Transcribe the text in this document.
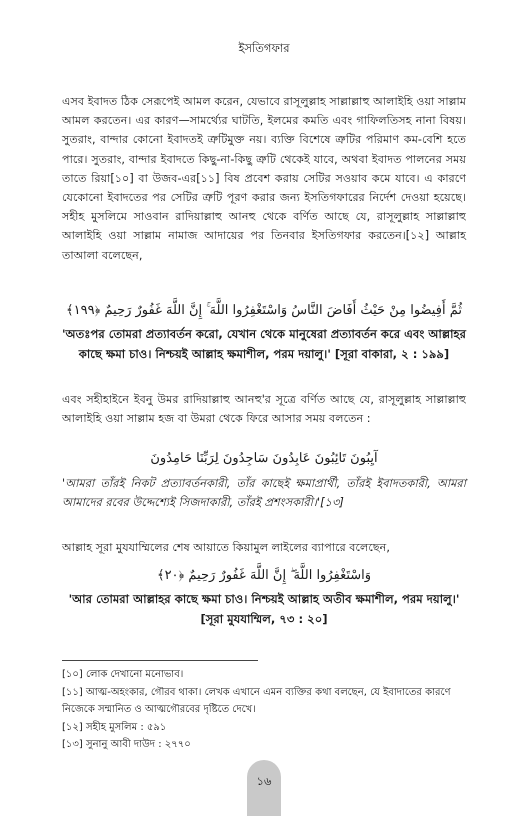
ইসতিগফার
এসব ইবাদত ঠিক সেরূপেই আমল করেন, যেভাবে রাসূলুল্লাহ সাল্লাল্লাহু আলাইহি ওয়া সাল্লাম আমল করতেন। এর কারণ—সামর্থ্যের ঘাটতি, ইলমের কমতি এবং গাফিলতিসহ নানা বিষয়। সুতরাং, বান্দার কোনো ইবাদতই ত্রুটিমুক্ত নয়। ব্যক্তি বিশেষে ত্রুটির পরিমাণ কম-বেশি হতে পারে। সুতরাং, বান্দার ইবাদতে কিছু-না-কিছু ত্রুটি থেকেই যাবে, অথবা ইবাদত পালনের সময় তাতে রিয়া[১০] বা উজব-এর[১১] বিষ প্রবেশ করায় সেটির সওয়াব কমে যাবে। এ কারণে যেকোনো ইবাদতের পর সেটির ত্রুটি পূরণ করার জন্য ইসতিগফারের নির্দেশ দেওয়া হয়েছে। সহীহ মুসলিমে সাওবান রাদিয়াল্লাহু আনহু থেকে বর্ণিত আছে যে, রাসূলুল্লাহ সাল্লাল্লাহু আলাইহি ওয়া সাল্লাম নামাজ আদায়ের পর তিনবার ইসতিগফার করতেন।[১২] আল্লাহ তাআলা বলেছেন,
ثُمَّ أَفِيضُوا مِنْ حَيْثُ أَفَاضَ النَّاسُ وَاسْتَغْفِرُوا اللَّهَ ۚ إِنَّ اللَّهَ غَفُورٌ رَحِيمٌ ﴿١٩٩﴾
'অতঃপর তোমরা প্রত্যাবর্তন করো, যেখান থেকে মানুষেরা প্রত্যাবর্তন করে এবং আল্লাহর কাছে ক্ষমা চাও। নিশ্চয়ই আল্লাহ ক্ষমাশীল, পরম দয়ালু।' [সূরা বাকারা, ২ : ১৯৯]
এবং সহীহাইনে ইবনু উমর রাদিয়াল্লাহু আনহু'র সূত্রে বর্ণিত আছে যে, রাসূলুল্লাহ সাল্লাল্লাহু আলাইহি ওয়া সাল্লাম হজ বা উমরা থেকে ফিরে আসার সময় বলতেন :
آيِبُونَ تَائِبُونَ عَابِدُونَ سَاجِدُونَ لِرَبِّنَا حَامِدُونَ
'আমরা তাঁরই নিকট প্রত্যাবর্তনকারী, তাঁর কাছেই ক্ষমাপ্রার্থী, তাঁরই ইবাদতকারী, আমরা আমাদের রবের উদ্দেশ্যেই সিজদাকারী, তাঁরই প্রশংসকারী।'[১৩]
আল্লাহ সূরা মুযযাম্মিলের শেষ আয়াতে কিয়ামুল লাইলের ব্যাপারে বলেছেন,
وَاسْتَغْفِرُوا اللَّهَ ۖ إِنَّ اللَّهَ غَفُورٌ رَحِيمٌ ﴿٢٠﴾
'আর তোমরা আল্লাহর কাছে ক্ষমা চাও। নিশ্চয়ই আল্লাহ অতীব ক্ষমাশীল, পরম দয়ালু।' [সূরা মুযযাম্মিল, ৭৩ : ২০]
[১০] লোক দেখানো মনোভাব।
[১১] আত্ম-অহংকার, গৌরব থাকা। লেখক এখানে এমন ব্যক্তির কথা বলছেন, যে ইবাদাতের কারণে নিজেকে সম্মানিত ও আত্মগৌরবের দৃষ্টিতে দেখে।
[১২] সহীহ মুসলিম : ৫৯১
[১৩] সুনানু আবী দাউদ : ২৭৭০
১৬
